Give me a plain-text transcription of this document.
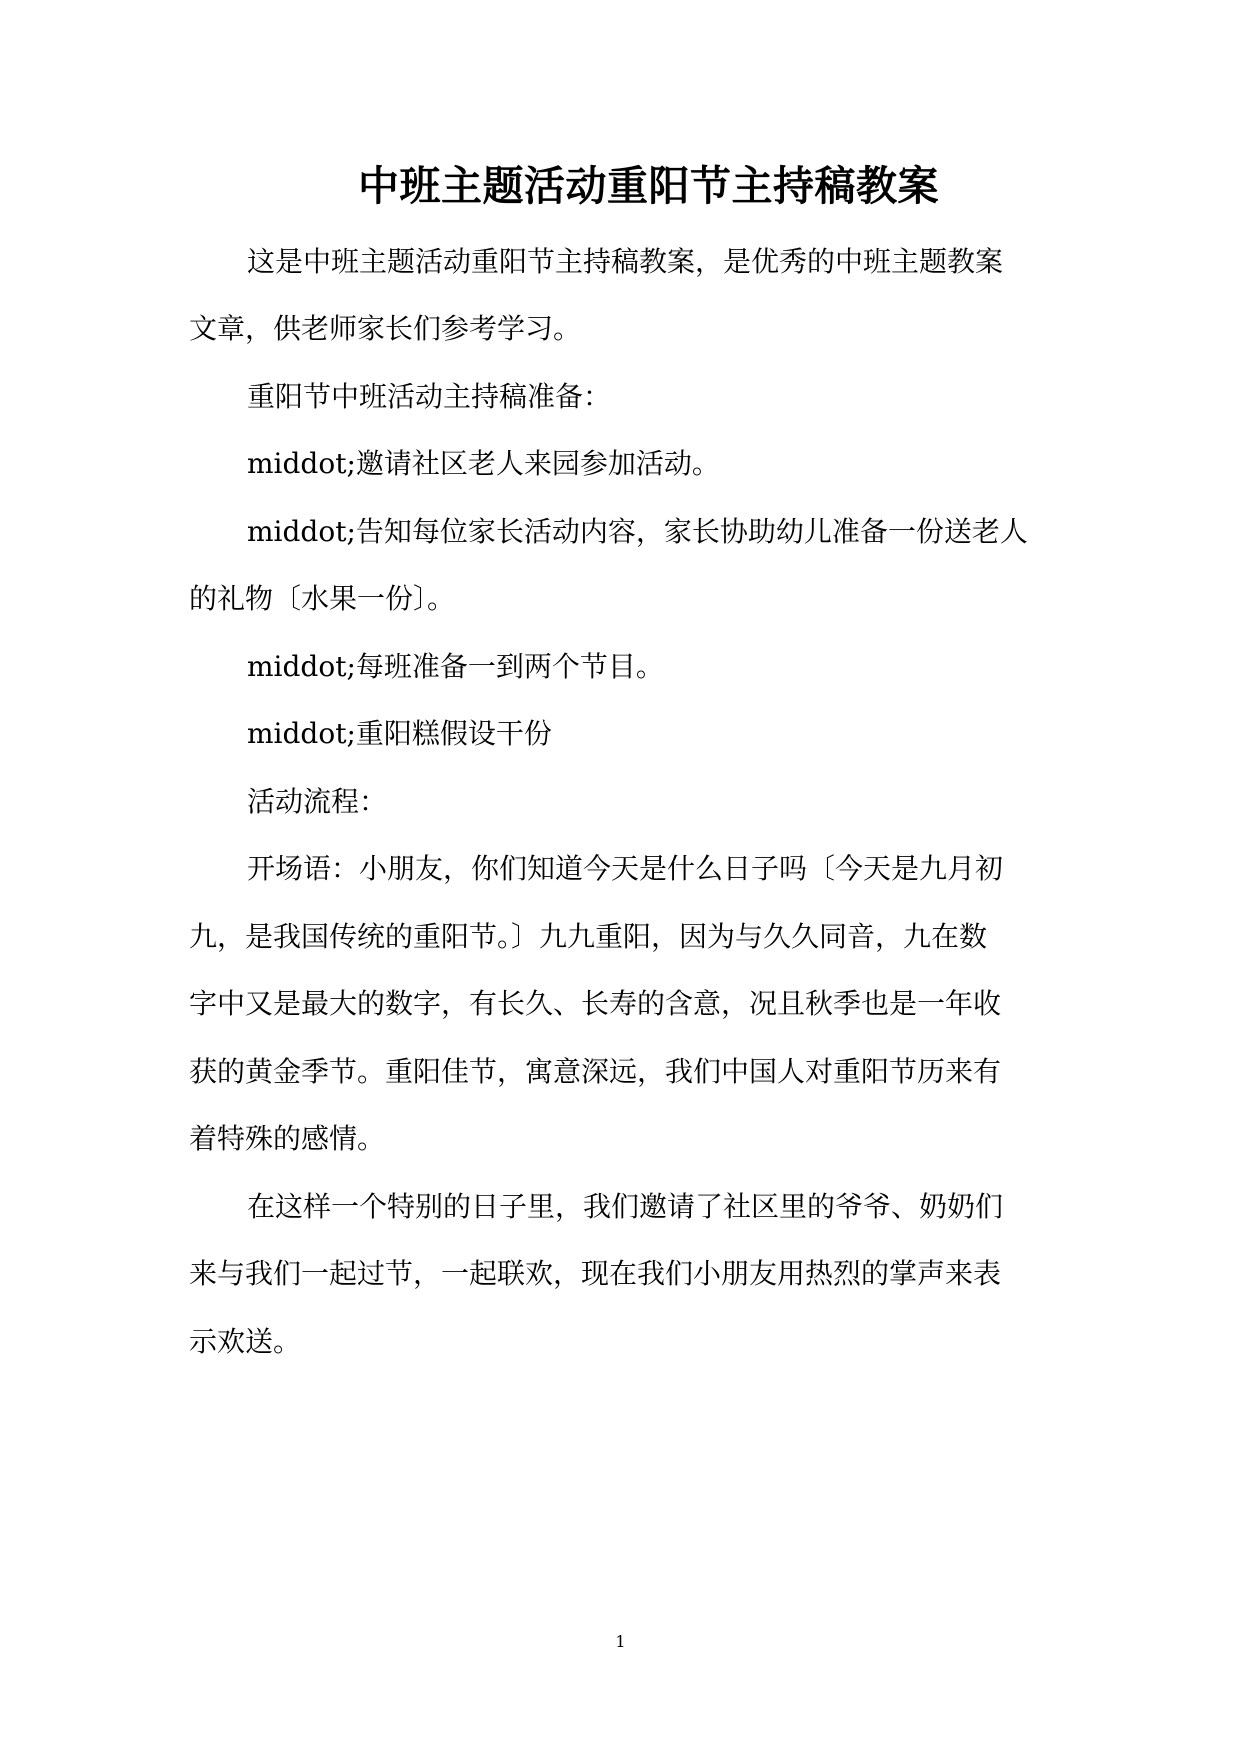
中班主题活动重阳节主持稿教案
这是中班主题活动重阳节主持稿教案，是优秀的中班主题教案
文章，供老师家长们参考学习。
重阳节中班活动主持稿准备：
middot;邀请社区老人来园参加活动。
middot;告知每位家长活动内容，家长协助幼儿准备一份送老人
的礼物〔水果一份〕。
middot;每班准备一到两个节目。
middot;重阳糕假设干份
活动流程：
开场语：小朋友，你们知道今天是什么日子吗〔今天是九月初
九，是我国传统的重阳节。〕九九重阳，因为与久久同音，九在数
字中又是最大的数字，有长久、长寿的含意，况且秋季也是一年收
获的黄金季节。重阳佳节，寓意深远，我们中国人对重阳节历来有
着特殊的感情。
在这样一个特别的日子里，我们邀请了社区里的爷爷、奶奶们
来与我们一起过节，一起联欢，现在我们小朋友用热烈的掌声来表
示欢送。
1
